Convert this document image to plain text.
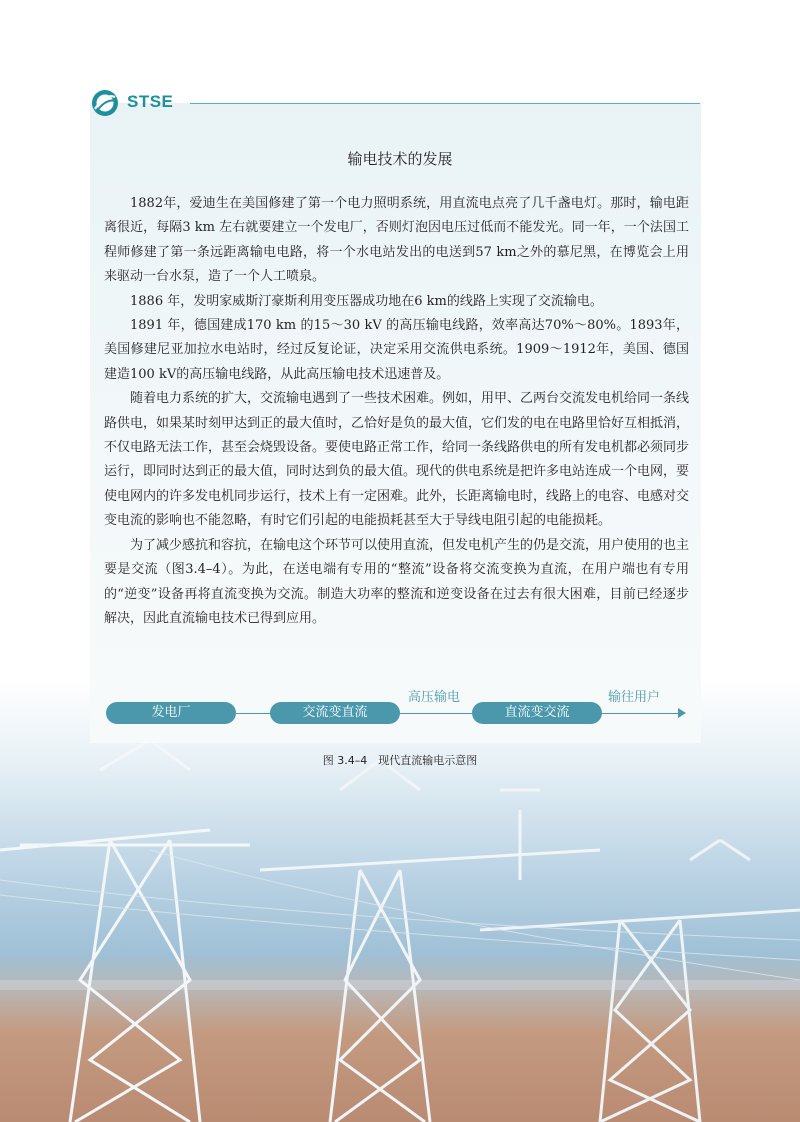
STSE
输电技术的发展

1882年，爱迪生在美国修建了第一个电力照明系统，用直流电点亮了几千盏电灯。那时，输电距离很近，每隔3 km 左右就要建立一个发电厂，否则灯泡因电压过低而不能发光。同一年，一个法国工程师修建了第一条远距离输电电路，将一个水电站发出的电送到57 km之外的慕尼黑，在博览会上用来驱动一台水泵，造了一个人工喷泉。

1886 年，发明家威斯汀豪斯利用变压器成功地在6 km的线路上实现了交流输电。

1891 年，德国建成170 km 的15～30 kV 的高压输电线路，效率高达70%～80%。1893年，美国修建尼亚加拉水电站时，经过反复论证，决定采用交流供电系统。1909～1912年，美国、德国建造100 kV的高压输电线路，从此高压输电技术迅速普及。

随着电力系统的扩大，交流输电遇到了一些技术困难。例如，用甲、乙两台交流发电机给同一条线路供电，如果某时刻甲达到正的最大值时，乙恰好是负的最大值，它们发的电在电路里恰好互相抵消，不仅电路无法工作，甚至会烧毁设备。要使电路正常工作，给同一条线路供电的所有发电机都必须同步运行，即同时达到正的最大值，同时达到负的最大值。现代的供电系统是把许多电站连成一个电网，要使电网内的许多发电机同步运行，技术上有一定困难。此外，长距离输电时，线路上的电容、电感对交变电流的影响也不能忽略，有时它们引起的电能损耗甚至大于导线电阻引起的电能损耗。

为了减少感抗和容抗，在输电这个环节可以使用直流，但发电机产生的仍是交流，用户使用的也主要是交流（图3.4–4）。为此，在送电端有专用的“整流”设备将交流变换为直流，在用户端也有专用的“逆变”设备再将直流变换为交流。制造大功率的整流和逆变设备在过去有很大困难，目前已经逐步解决，因此直流输电技术已得到应用。

发电厂	交流变直流
高压输电
直流变交流
输往用户
图 3.4–4　现代直流输电示意图
